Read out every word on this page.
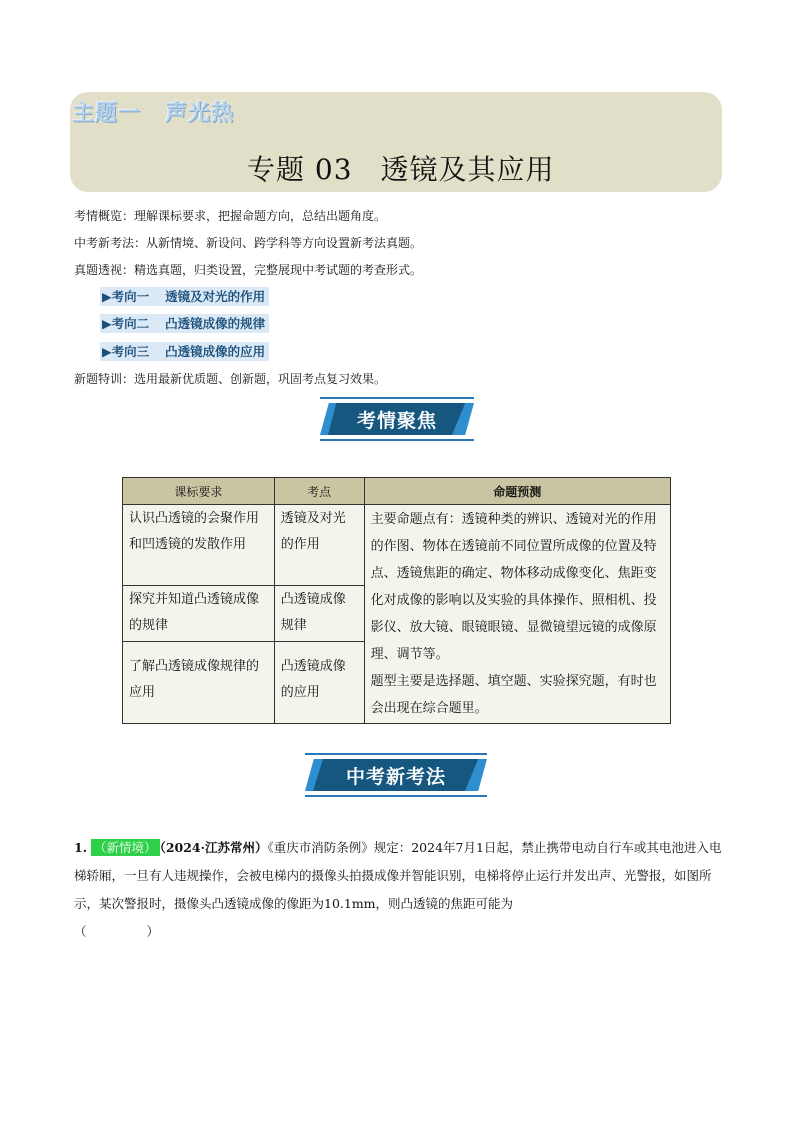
主题一 声光热
专题 03 透镜及其应用
考情概览：理解课标要求，把握命题方向，总结出题角度。
中考新考法：从新情境、新设问、跨学科等方向设置新考法真题。
真题透视：精选真题，归类设置，完整展现中考试题的考查形式。
▶考向一 透镜及对光的作用
▶考向二 凸透镜成像的规律
▶考向三 凸透镜成像的应用
新题特训：选用最新优质题、创新题，巩固考点复习效果。
考情聚焦
课标要求	考点	命题预测
认识凸透镜的会聚作用和凹透镜的发散作用	透镜及对光的作用	主要命题点有：透镜种类的辨识、透镜对光的作用的作图、物体在透镜前不同位置所成像的位置及特点、透镜焦距的确定、物体移动成像变化、焦距变化对成像的影响以及实验的具体操作、照相机、投影仪、放大镜、眼镜眼镜、显微镜望远镜的成像原理、调节等。
题型主要是选择题、填空题、实验探究题，有时也会出现在综合题里。

探究并知道凸透镜成像的规律	凸透镜成像规律	
了解凸透镜成像规律的应用	凸透镜成像的应用	
中考新考法
1. （新情境） （2024·江苏常州）《重庆市消防条例》规定：2024年7月1日起，禁止携带电动自行车或其电池进入电梯轿厢，一旦有人违规操作，会被电梯内的摄像头拍摄成像并智能识别，电梯将停止运行并发出声、光警报，如图所示，某次警报时，摄像头凸透镜成像的像距为10.1mm，则凸透镜的焦距可能为
（	）
